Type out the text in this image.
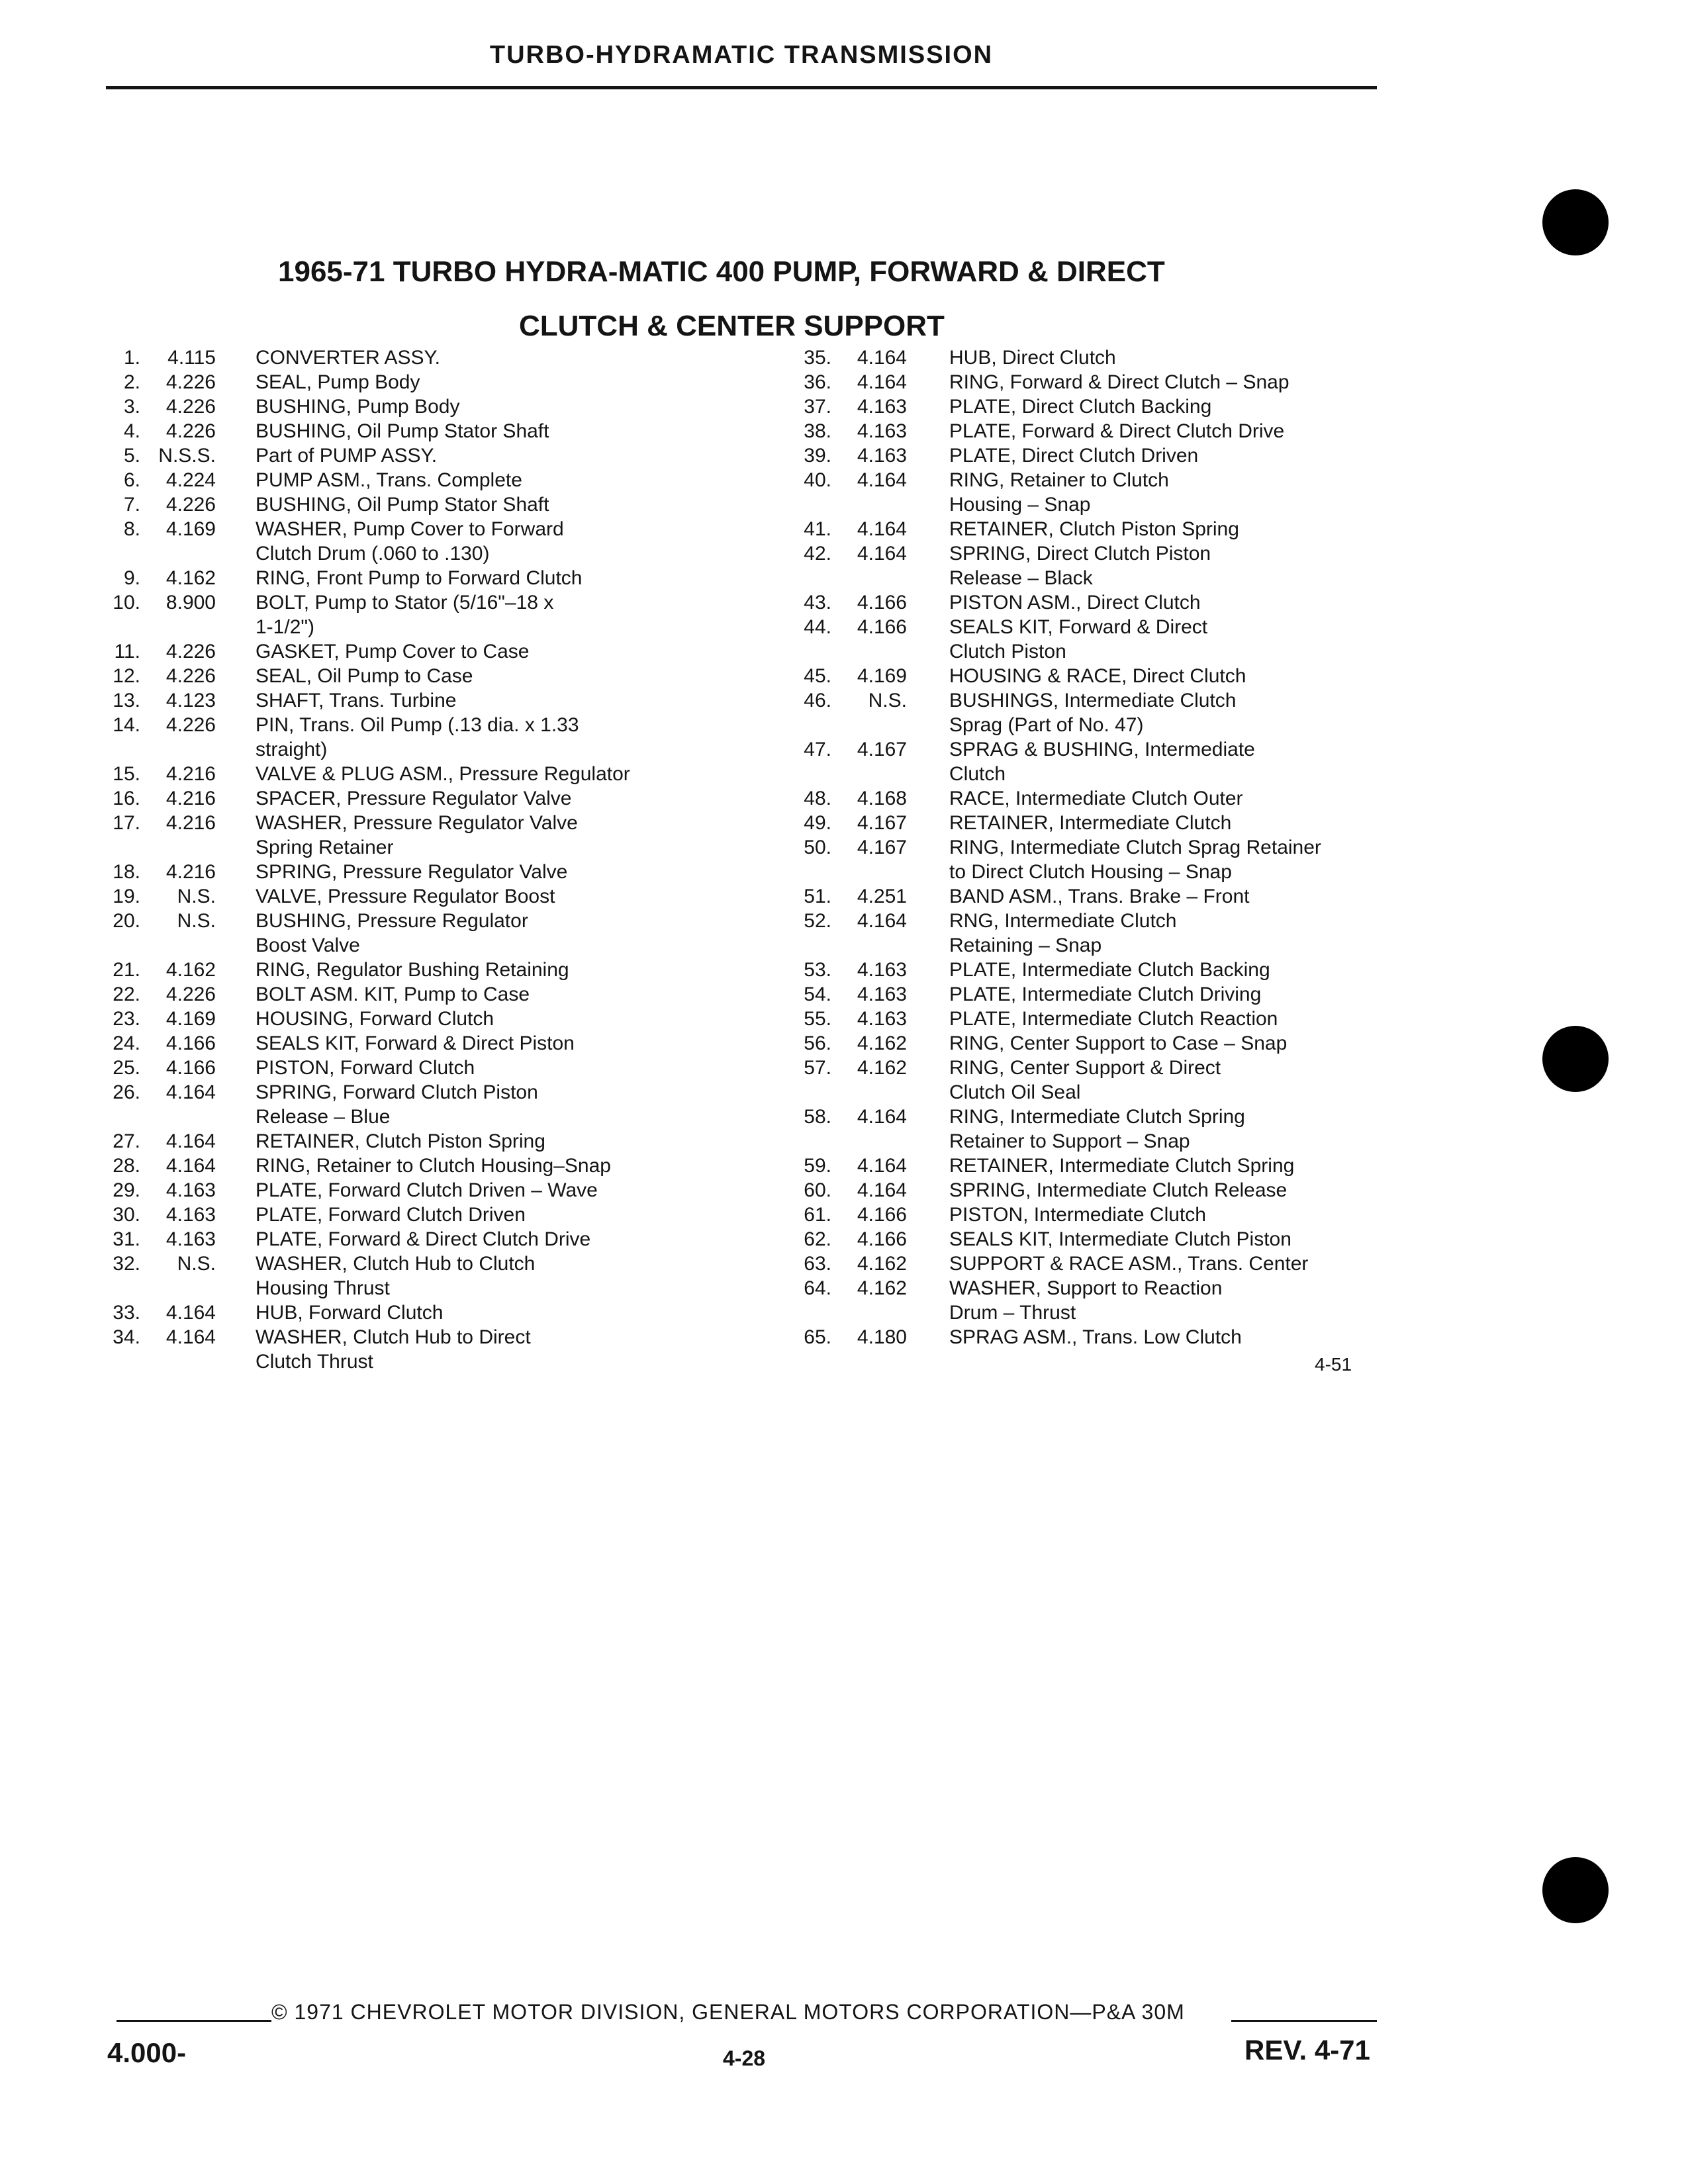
TURBO-HYDRAMATIC TRANSMISSION
1965-71 TURBO HYDRA-MATIC 400 PUMP, FORWARD & DIRECT
CLUTCH & CENTER SUPPORT
1.	4.115	CONVERTER ASSY.
2.	4.226	SEAL, Pump Body
3.	4.226	BUSHING, Pump Body
4.	4.226	BUSHING, Oil Pump Stator Shaft
5. N.S.S.	Part of PUMP ASSY.
6.	4.224	PUMP ASM., Trans. Complete
7.	4.226	BUSHING, Oil Pump Stator Shaft
8.	4.169	WASHER, Pump Cover to Forward
Clutch Drum (.060 to .130)
9.	4.162	RING, Front Pump to Forward Clutch
10.	8.900	BOLT, Pump to Stator (5/16"–18 x
1-1/2")
11.	4.226	GASKET, Pump Cover to Case
12.	4.226	SEAL, Oil Pump to Case
13.	4.123	SHAFT, Trans. Turbine
14.	4.226	PIN, Trans. Oil Pump (.13 dia. x 1.33
straight)
15.	4.216	VALVE & PLUG ASM., Pressure Regulator
16.	4.216	SPACER, Pressure Regulator Valve
17.	4.216	WASHER, Pressure Regulator Valve
Spring Retainer
18.	4.216	SPRING, Pressure Regulator Valve
19.	N.S.	VALVE, Pressure Regulator Boost
20.	N.S.	BUSHING, Pressure Regulator
Boost Valve
21.	4.162	RING, Regulator Bushing Retaining
22.	4.226	BOLT ASM. KIT, Pump to Case
23.	4.169	HOUSING, Forward Clutch
24.	4.166	SEALS KIT, Forward & Direct Piston
25.	4.166	PISTON, Forward Clutch
26.	4.164	SPRING, Forward Clutch Piston
Release – Blue
27.	4.164	RETAINER, Clutch Piston Spring
28.	4.164	RING, Retainer to Clutch Housing–Snap
29.	4.163	PLATE, Forward Clutch Driven – Wave
30.	4.163	PLATE, Forward Clutch Driven
31.	4.163	PLATE, Forward & Direct Clutch Drive
32.	N.S.	WASHER, Clutch Hub to Clutch
Housing Thrust
33.	4.164	HUB, Forward Clutch
34.	4.164	WASHER, Clutch Hub to Direct
Clutch Thrust
35.	4.164	HUB, Direct Clutch
36.	4.164	RING, Forward & Direct Clutch – Snap
37.	4.163	PLATE, Direct Clutch Backing
38.	4.163	PLATE, Forward & Direct Clutch Drive
39.	4.163	PLATE, Direct Clutch Driven
40.	4.164	RING, Retainer to Clutch
Housing – Snap
41.	4.164	RETAINER, Clutch Piston Spring
42.	4.164	SPRING, Direct Clutch Piston
Release – Black
43.	4.166	PISTON ASM., Direct Clutch
44.	4.166	SEALS KIT, Forward & Direct
Clutch Piston
45.	4.169	HOUSING & RACE, Direct Clutch
46.	N.S.	BUSHINGS, Intermediate Clutch
Sprag (Part of No. 47)
47.	4.167	SPRAG & BUSHING, Intermediate
Clutch
48.	4.168	RACE, Intermediate Clutch Outer
49.	4.167	RETAINER, Intermediate Clutch
50.	4.167	RING, Intermediate Clutch Sprag Retainer
to Direct Clutch Housing – Snap
51.	4.251	BAND ASM., Trans. Brake – Front
52.	4.164	RNG, Intermediate Clutch
Retaining – Snap
53.	4.163	PLATE, Intermediate Clutch Backing
54.	4.163	PLATE, Intermediate Clutch Driving
55.	4.163	PLATE, Intermediate Clutch Reaction
56.	4.162	RING, Center Support to Case – Snap
57.	4.162	RING, Center Support & Direct
Clutch Oil Seal
58.	4.164	RING, Intermediate Clutch Spring
Retainer to Support – Snap
59.	4.164	RETAINER, Intermediate Clutch Spring
60.	4.164	SPRING, Intermediate Clutch Release
61.	4.166	PISTON, Intermediate Clutch
62.	4.166	SEALS KIT, Intermediate Clutch Piston
63.	4.162	SUPPORT & RACE ASM., Trans. Center
64.	4.162	WASHER, Support to Reaction
Drum – Thrust
65.	4.180	SPRAG ASM., Trans. Low Clutch
4-51
© 1971 CHEVROLET MOTOR DIVISION, GENERAL MOTORS CORPORATION—P&A 30M
4.000-	4-28	REV. 4-71
